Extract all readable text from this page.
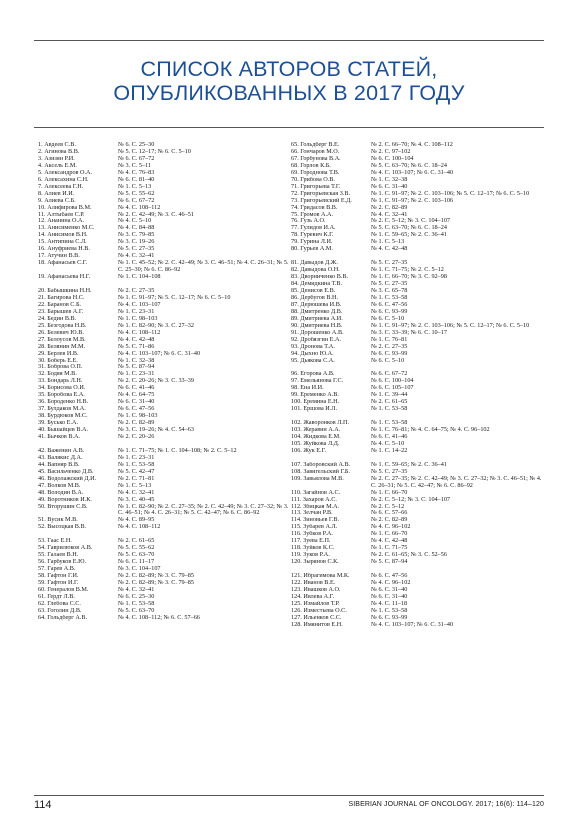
СПИСОК АВТОРОВ СТАТЕЙ,
ОПУБЛИКОВАННЫХ В 2017 ГОДУ
1. Авдеев С.В.	№ 6. С. 25–30
2. Агинова В.В.	№ 5. С. 12–17; № 6. С. 5–10
3. Азизян Р.И.	№ 6. С. 67–72
4. Аксель Е.М.	№ 3. С. 5–11
5. Александров О.А.	№ 4. С. 76–83
6. Алексахина С.Н.	№ 6. С. 81–40
7. Алексеева Г.Н.	№ 1. С. 5–13
8. Алиев И.И.	№ 5. С. 55–62
9. Алиева С.Б.	№ 6. С. 67–72
10. Алифирова В.М.	№ 4. С. 108–112
11. Алтыбаев С.Р.	№ 2. С. 42–49; № 3. С. 46–51
12. Ананина О.А.	№ 4. С. 5–10
13. Анисименко М.С.	№ 4. С. 84–88
14. Анисимов В.Н.	№ 3. С. 79–85
15. Антипина С.Л.	№ 3. С. 19–26
16. Ануфриева Н.В.	№ 5. С. 27–35
17. Атучин В.В.	№ 4. С. 32–41
18. Афанасьев С.Г.	№ 1. С. 45–52; № 2. С. 42–49; № 3. С. 46–51; № 4. С. 26–31; № 5. С. 25–30; № 6. С. 86–92
19. Афанасьева Н.Г.	№ 1. С. 104–108
20. Бабышкина Н.Н.	№ 2. С. 27–35
21. Багирова Н.С.	№ 1. С. 91–97; № 5. С. 12–17; № 6. С. 5–10
22. Баранов С.Б.	№ 4. С. 103–107
23. Барышев А.Г.	№ 1. С. 23–31
24. Бедин В.В.	№ 1. С. 98–103
25. Безгодова Н.В.	№ 1. С. 82–90; № 3. С. 27–32
26. Белевич Ю.В.	№ 4. С. 108–112
27. Белоусов М.В.	№ 4. С. 42–48
28. Белянин М.М.	№ 5. С. 71–86
29. Берлев И.В.	№ 4. С. 103–107; № 6. С. 31–40
30. Боберь Е.Е.	№ 1. С. 32–38
31. Боброва О.П.	№ 5. С. 87–94
32. Бодяя М.В.	№ 1. С. 23–31
33. Бондарь Л.Н.	№ 2. С. 20–26; № 3. С. 33–39
34. Борисова О.И.	№ 6. С. 41–46
35. Боробова Е.А.	№ 4. С. 64–75
36. Бороденко Н.В.	№ 6. С. 31–40
37. Булдаков М.А.	№ 6. С. 47–56
38. Бурдюков М.С.	№ 1. С. 98–103
39. Бусько Е.А.	№ 2. С. 82–89
40. Бышайцев В.А.	№ 3. С. 19–26; № 4. С. 54–63
41. Бычков В.А.	№ 2. С. 20–26
42. Важенин А.В.	№ 1. С. 71–75; № 1. С. 104–108; № 2. С. 5–12
43. Валякис Д.А.	№ 1. С. 23–31
44. Вапняр В.В.	№ 1. С. 53–58
45. Васильченко Д.В.	№ 5. С. 42–47
46. Водолажский Д.И.	№ 2. С. 71–81
47. Волков М.В.	№ 1. С. 5–13
48. Володин В.А.	№ 4. С. 32–41
49. Воротников И.К.	№ 3. С. 40–45
50. Вторушин С.В.	№ 1. С. 82–90; № 2. С. 27–35; № 2. С. 42–49; № 3. С. 27–32; № 3. С. 46–51; № 4. С. 26–31; № 5. С. 42–47; № 6. С. 86–92
51. Вусик М.В.	№ 4. С. 89–95
52. Высоцкая В.В.	№ 4. С. 108–112
53. Гаас Е.Н.	№ 2. С. 61–65
54. Гаврилюков А.В.	№ 5. С. 55–62
55. Галаев В.Н.	№ 5. С. 63–70
56. Гарбуков Е.Ю.	№ 6. С. 11–17
57. Гарев А.В.	№ 3. С. 104–107
58. Гафтон Г.И.	№ 2. С. 82–89; № 3. С. 79–85
59. Гафтон И.Г.	№ 2. С. 82–89; № 3. С. 79–85
60. Генералов В.М.	№ 4. С. 32–41
61. Гердт Л.В.	№ 6. С. 25–30
62. Глебова С.С.	№ 1. С. 53–58
63. Гоголин Д.В.	№ 5. С. 63–70
64. Гольдберг А.В.	№ 4. С. 108–112; № 6. С. 57–66
65. Гольдберг В.Е.	№ 2. С. 66–70; № 4. С. 108–112
66. Гончаров М.О.	№ 2. С. 97–102
67. Горбунова В.А.	№ 6. С. 100–104
68. Горлов К.Б.	№ 5. С. 63–70; № 6. С. 18–24
69. Городнова Т.В.	№ 4. С. 103–107; № 6. С. 31–40
70. Грибова О.В.	№ 1. С. 32–38
71. Григорьева Т.Г.	№ 6. С. 31–40
72. Григорьевская З.В.	№ 1. С. 91–97; № 2. С. 103–106; № 5. С. 12–17; № 6. С. 5–10
73. Григорьевский Е.Д.	№ 1. С. 91–97; № 2. С. 103–106
74. Гридасов В.В.	№ 2. С. 82–89
75. Громов А.А.	№ 4. С. 32–41
76. Гузь А.О.	№ 2. С. 5–12; № 3. С. 104–107
77. Гулидов И.А.	№ 5. С. 63–70; № 6. С. 18–24
78. Гуревич К.Г.	№ 1. С. 59–65; № 2. С. 36–41
79. Гурина Л.И.	№ 1. С. 5–13
80. Гурьев А.М.	№ 4. С. 42–48
81. Давыдов Д.Ж.	№ 5. С. 27–35
82. Давыдова О.Н.	№ 1. С. 71–75; № 2. С. 5–12
83. Дворниченко В.В.	№ 1. С. 66–70; № 3. С. 92–98
84. Демидкина Т.В.	№ 5. С. 27–35
85. Денисов Е.В.	№ 3. С. 65–78
86. Дербугов В.Н.	№ 1. С. 53–58
87. Дерюшева И.В.	№ 6. С. 47–56
88. Дмитренко Д.В.	№ 6. С. 93–99
89. Дмитриева А.И.	№ 6. С. 5–10
90. Дмитриева Н.В.	№ 1. С. 91–97; № 2. С. 103–106; № 5. С. 12–17; № 6. С. 5–10
91. Дорошенко А.В.	№ 3. С. 33–39; № 6. С. 10–17
92. Дробязгин Е.А.	№ 1. С. 76–81
93. Дронова Т.А.	№ 2. С. 27–35
94. Дыхно Ю.А.	№ 6. С. 93–99
95. Дьякова С.А.	№ 6. С. 5–10
96. Егорова А.В.	№ 6. С. 67–72
97. Емельянова Г.С.	№ 6. С. 100–104
98. Ена И.И.	№ 6. С. 105–107
99. Еременко А.В.	№ 1. С. 39–44
100. Еремина Е.Н.	№ 2. С. 61–65
101. Ершова И.Л.	№ 1. С. 53–58
102. Жаворонков Л.П.	№ 1. С. 53–58
103. Жеравин А.А.	№ 1. С. 76–81; № 4. С. 64–75; № 4. С. 96–102
104. Жидкова Е.М.	№ 6. С. 41–46
105. Жуйкова Л.Д.	№ 4. С. 5–10
106. Жук Е.Г.	№ 1. С. 14–22
107. Заборовский А.В.	№ 1. С. 59–65; № 2. С. 36–41
108. Завигельский Г.Б.	№ 5. С. 27–35
109. Завьялова М.В.	№ 2. С. 27–35; № 2. С. 42–49; № 3. С. 27–32; № 3. С. 46–51; № 4. С. 26–31; № 5. С. 42–47; № 6. С. 86–92
110. Загайнов А.С.	№ 1. С. 66–70
111. Захаров А.С.	№ 2. С. 5–12; № 3. С. 104–107
112. Збицкая М.А.	№ 2. С. 5–12
113. Зелчан Р.В.	№ 6. С. 57–66
114. Зиновьев Г.В.	№ 2. С. 82–89
115. Зубарев А.Л.	№ 4. С. 96–102
116. Зубков Р.А.	№ 1. С. 66–70
117. Зуева Е.П.	№ 4. С. 42–48
118. Зуйков К.С.	№ 1. С. 71–75
119. Зуков Р.А.	№ 2. С. 61–65; № 3. С. 52–56
120. Зырянов С.К.	№ 5. С. 87–94
121. Ибрагимова М.К.	№ 6. С. 47–56
122. Иванов В.Е.	№ 4. С. 96–102
123. Ивашков А.О.	№ 6. С. 31–40
124. Ивлева А.Г.	№ 6. С. 31–40
125. Измайлов Т.Р.	№ 4. С. 11–18
126. Изместьева О.С.	№ 1. С. 53–58
127. Ильенков С.С.	№ 6. С. 93–99
128. Имянитов Е.Н.	№ 4. С. 103–107; № 6. С. 31–40
114	SIBERIAN JOURNAL OF ONCOLOGY. 2017; 16(6): 114–120
